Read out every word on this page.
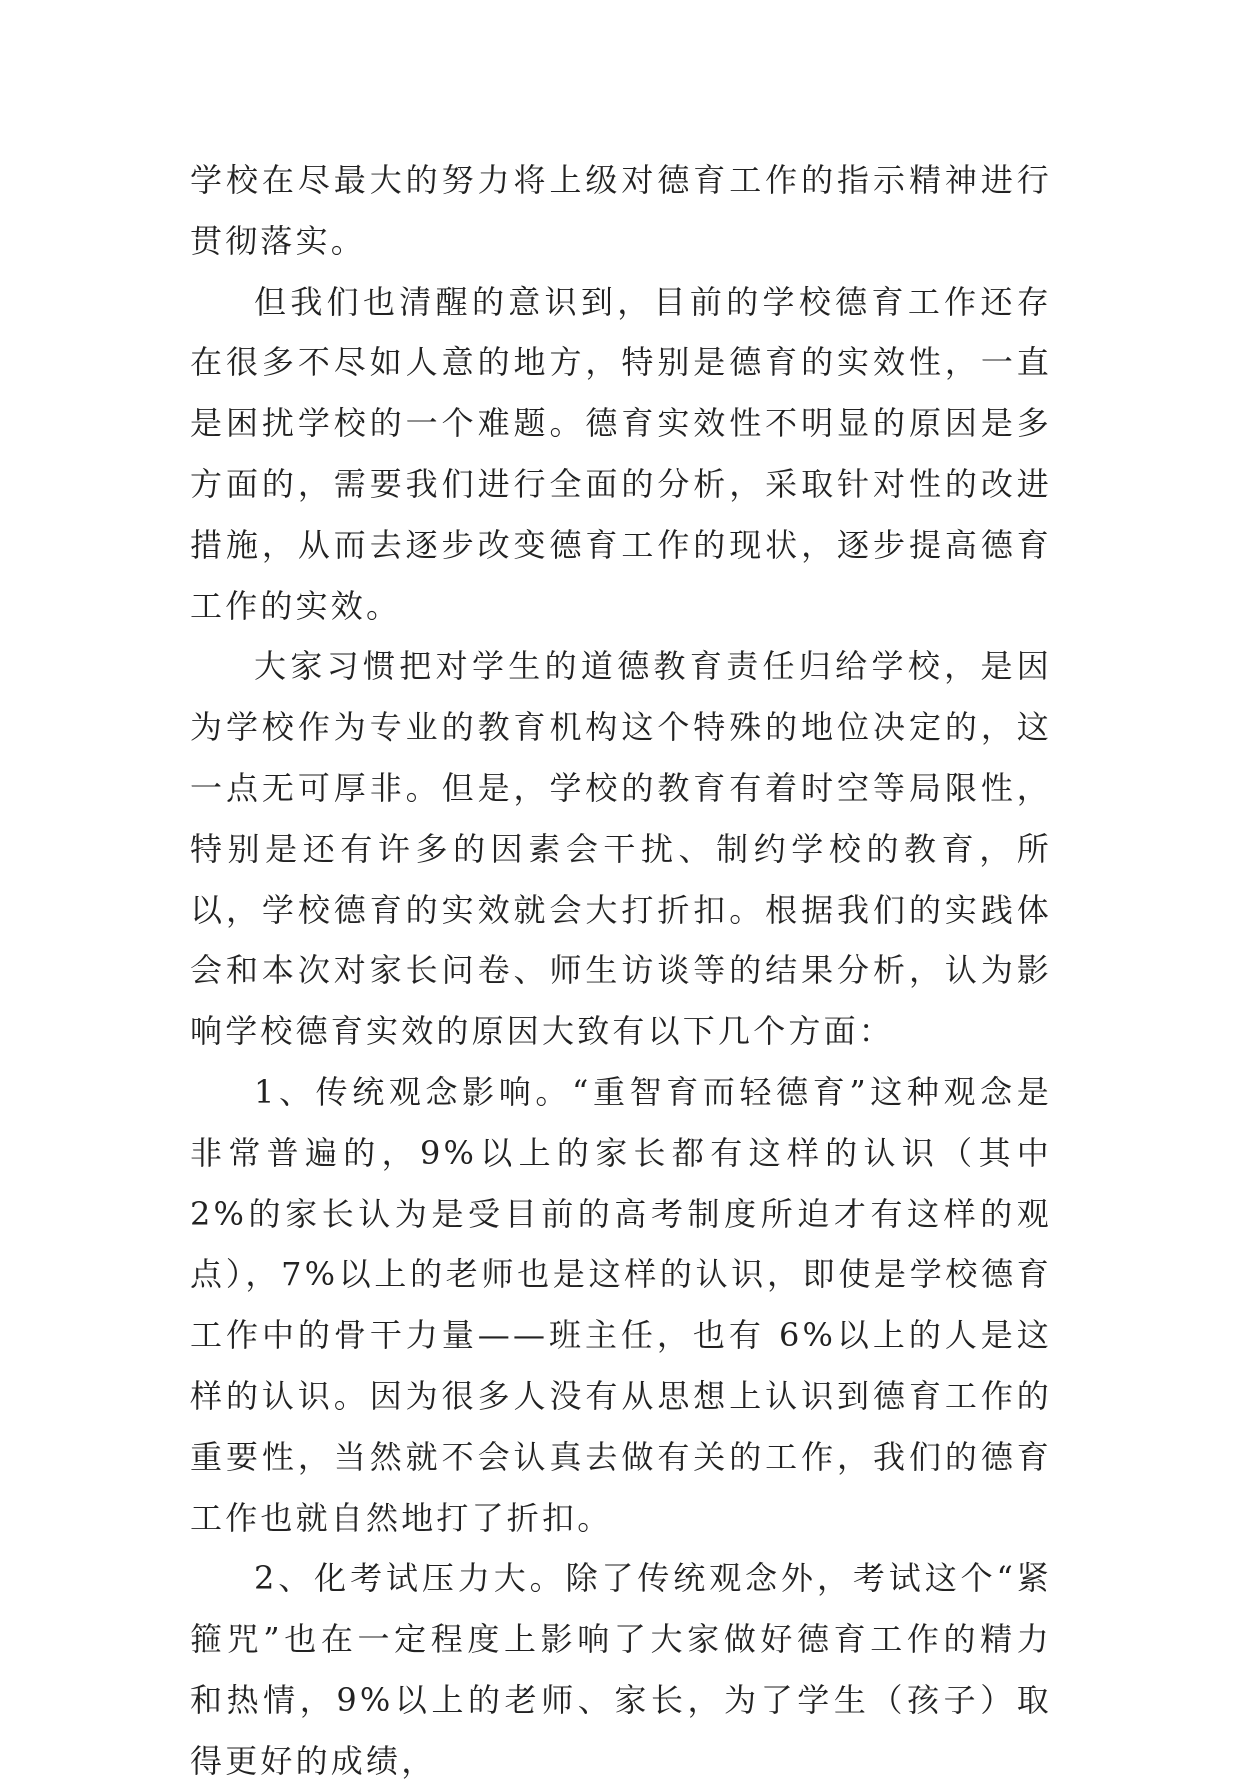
学校在尽最大的努力将上级对德育工作的指示精神进行贯彻落实。

但我们也清醒的意识到，目前的学校德育工作还存在很多不尽如人意的地方，特别是德育的实效性，一直是困扰学校的一个难题。德育实效性不明显的原因是多方面的，需要我们进行全面的分析，采取针对性的改进措施，从而去逐步改变德育工作的现状，逐步提高德育工作的实效。

大家习惯把对学生的道德教育责任归给学校，是因为学校作为专业的教育机构这个特殊的地位决定的，这一点无可厚非。但是，学校的教育有着时空等局限性，特别是还有许多的因素会干扰、制约学校的教育，所以，学校德育的实效就会大打折扣。根据我们的实践体会和本次对家长问卷、师生访谈等的结果分析，认为影响学校德育实效的原因大致有以下几个方面：

1、传统观念影响。“重智育而轻德育”这种观念是非常普遍的，9%以上的家长都有这样的认识（其中 2%的家长认为是受目前的高考制度所迫才有这样的观点），7%以上的老师也是这样的认识，即使是学校德育工作中的骨干力量——班主任，也有 6%以上的人是这样的认识。因为很多人没有从思想上认识到德育工作的重要性，当然就不会认真去做有关的工作，我们的德育工作也就自然地打了折扣。

2、化考试压力大。除了传统观念外，考试这个“紧箍咒”也在一定程度上影响了大家做好德育工作的精力和热情，9%以上的老师、家长，为了学生（孩子）取得更好的成绩，
